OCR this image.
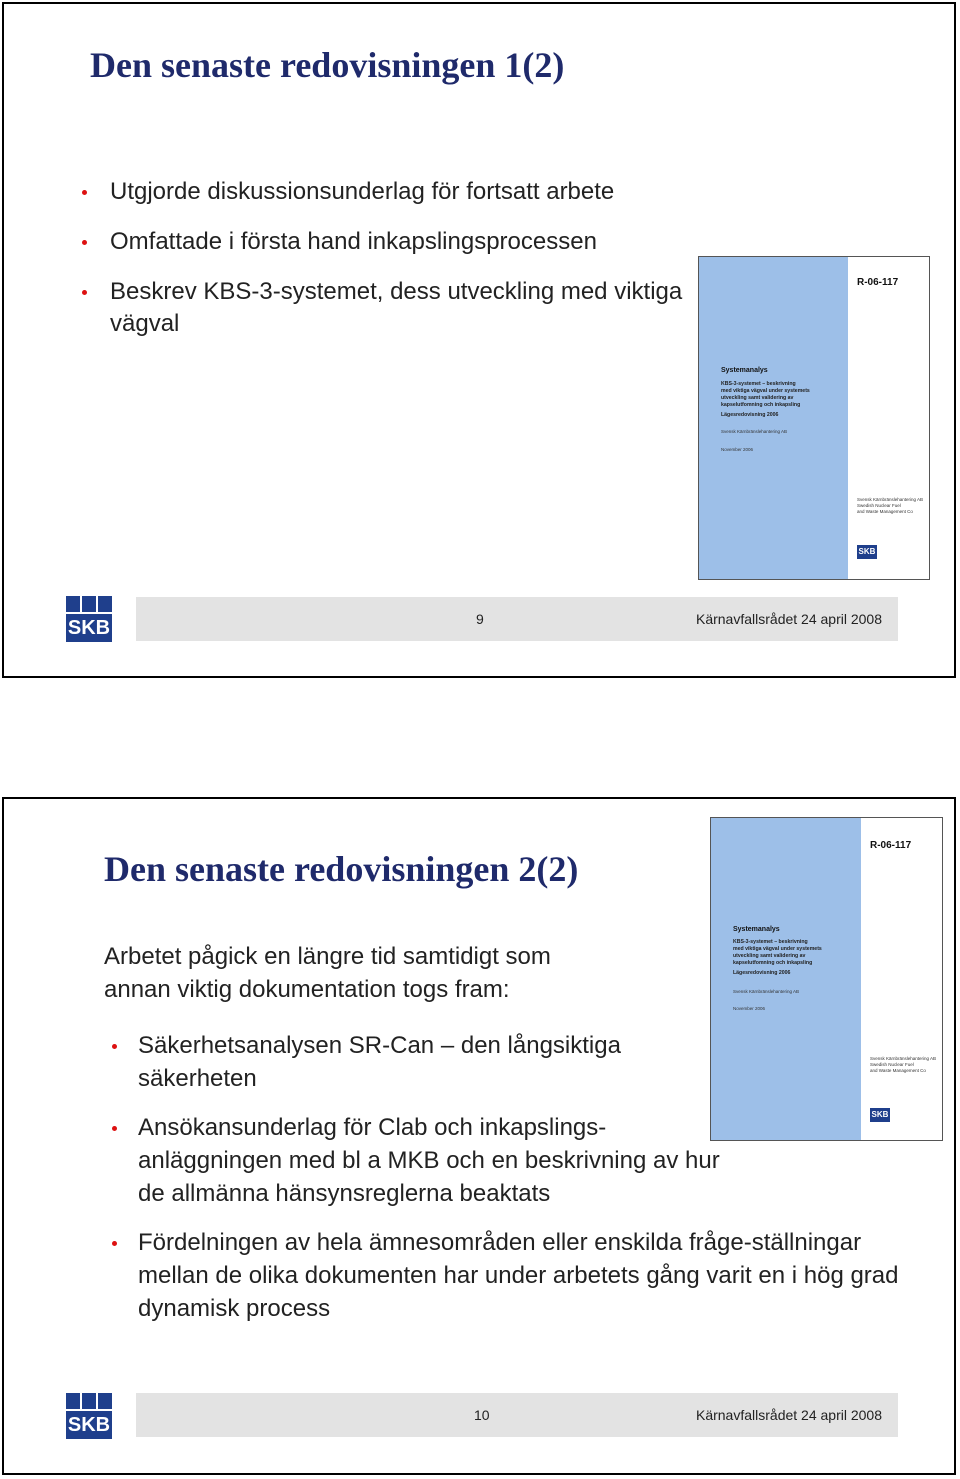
Den senaste redovisningen 1(2)
Utgjorde diskussionsunderlag för fortsatt arbete
Omfattade i första hand inkapslingsprocessen
Beskrev KBS-3-systemet, dess utveckling med viktiga vägval
R-06-117
Systemanalys
KBS-3-systemet – beskrivning
med viktiga vägval under systemets
utveckling samt validering av
kapselutfomning och inkapsling
Lägesredovisning 2006
Svensk Kärnbränslehantering AB
November 2006
Svensk Kärnbränslehantering AB
Swedish Nuclear Fuel
and Waste Management Co
SKB
9	Kärnavfallsrådet 24 april 2008
SKB
Den senaste redovisningen 2(2)
Arbetet pågick en längre tid samtidigt som annan viktig dokumentation togs fram:
Säkerhetsanalysen SR-Can – den långsiktiga säkerheten
Ansökansunderlag för Clab och inkapslings-anläggningen med bl a MKB och en beskrivning av hur de allmänna hänsynsreglerna beaktats
Fördelningen av hela ämnesområden eller enskilda fråge-ställningar mellan de olika dokumenten har under arbetets gång varit en i hög grad dynamisk process
R-06-117
Systemanalys
KBS-3-systemet – beskrivning
med viktiga vägval under systemets
utveckling samt validering av
kapselutfomning och inkapsling
Lägesredovisning 2006
Svensk Kärnbränslehantering AB
November 2006
Svensk Kärnbränslehantering AB
Swedish Nuclear Fuel
and Waste Management Co
SKB
10	Kärnavfallsrådet 24 april 2008
SKB
